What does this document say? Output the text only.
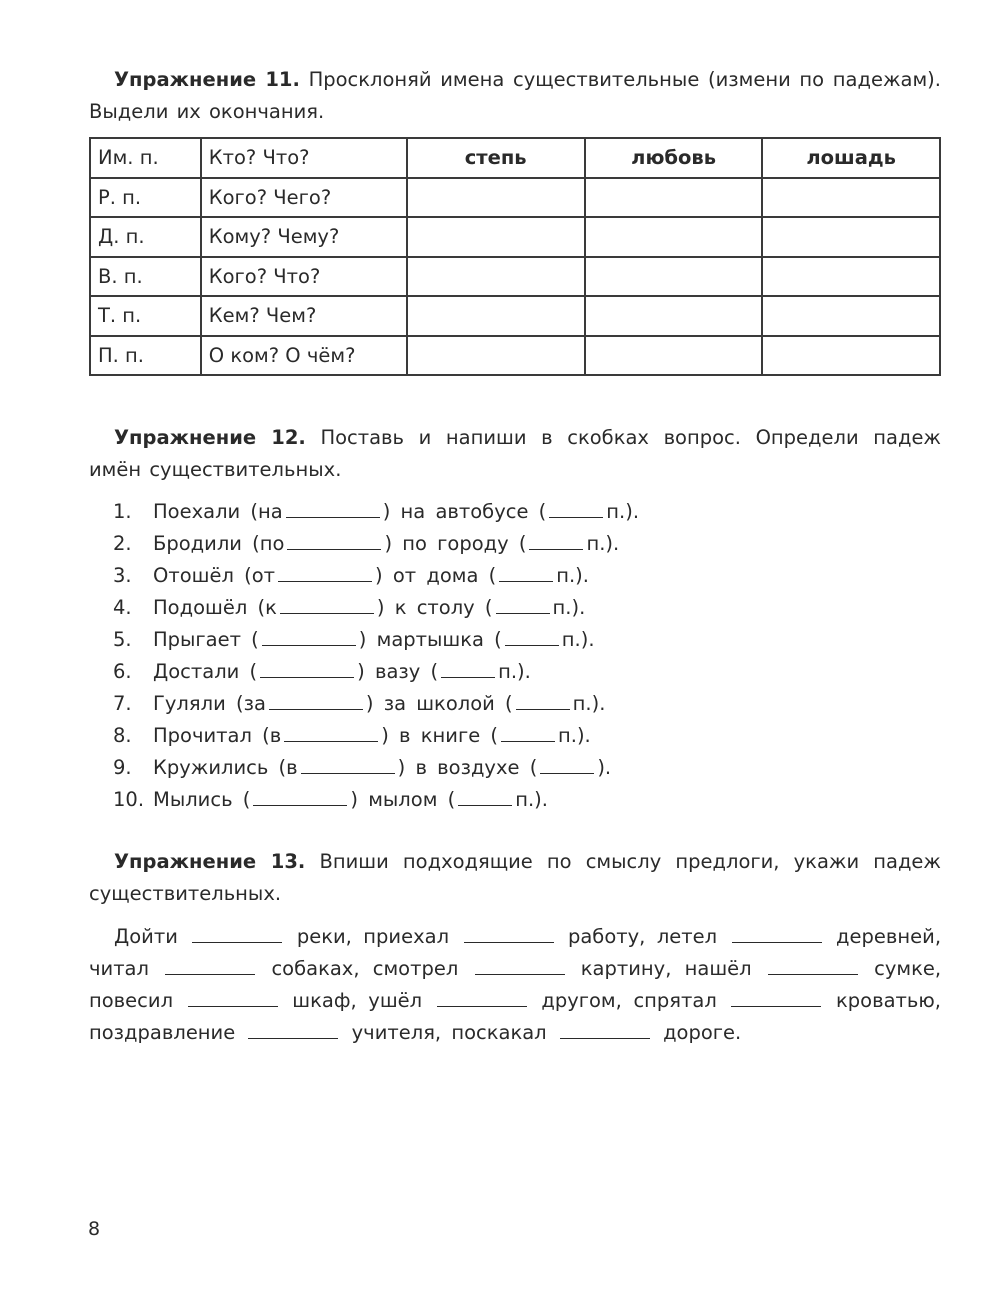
Упражнение 11. Просклоняй имена существительные (измени по падежам). Выдели их окончания.

Им. п.	Кто? Что?	степь	любовь	лошадь
Р. п.	Кого? Чего?			
Д. п.	Кому? Чему?			
В. п.	Кого? Что?			
Т. п.	Кем? Чем?			
П. п.	О ком? О чём?			

Упражнение 12. Поставь и напиши в скобках вопрос. Определи падеж имён существительных.

1. Поехали (на	) на автобусе (	п.).
2. Бродили (по	) по городу (	п.).
3. Отошёл (от	) от дома (	п.).
4. Подошёл (к	) к столу (	п.).
5. Прыгает (	) мартышка (	п.).
6. Достали (	) вазу (	п.).
7. Гуляли (за	) за школой (	п.).
8. Прочитал (в	) в книге (	п.).
9. Кружились (в	) в воздухе (	).
10. Мылись (	) мылом (	п.).

Упражнение 13. Впиши подходящие по смыслу предлоги, укажи падеж существительных.

Дойти	реки, приехал	работу, летел	деревней, читал	собаках, смотрел	картину, нашёл	сумке, повесил	шкаф, ушёл	другом, спрятал	кроватью, поздравление	учителя, поскакал	дороге.

8
